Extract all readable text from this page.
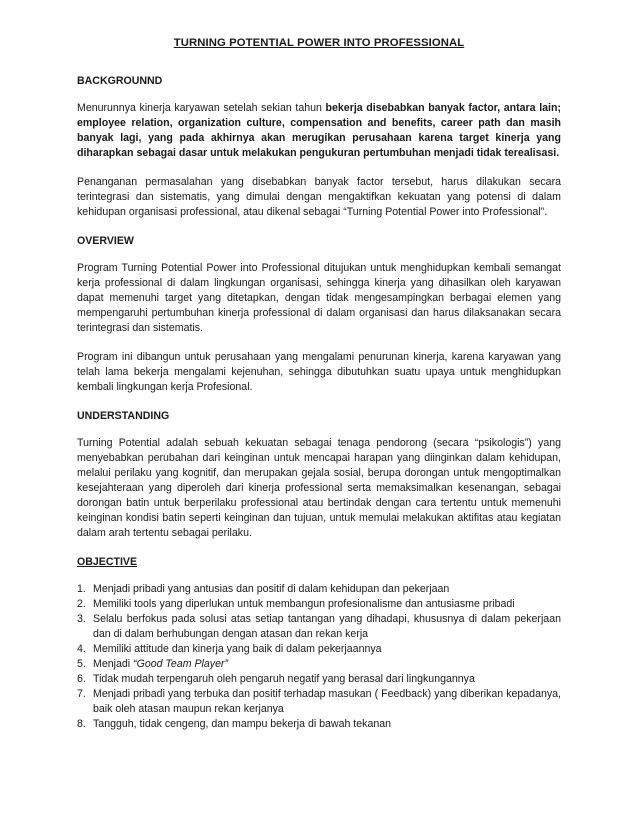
TURNING POTENTIAL POWER INTO PROFESSIONAL
BACKGROUNND

Menurunnya kinerja karyawan setelah sekian tahun bekerja disebabkan banyak factor, antara lain; employee relation, organization culture, compensation and benefits, career path dan masih banyak lagi, yang pada akhirnya akan merugikan perusahaan karena target kinerja yang diharapkan sebagai dasar untuk melakukan pengukuran pertumbuhan menjadi tidak terealisasi.

Penanganan permasalahan yang disebabkan banyak factor tersebut, harus dilakukan secara terintegrasi dan sistematis, yang dimulai dengan mengaktifkan kekuatan yang potensi di dalam kehidupan organisasi professional, atau dikenal sebagai “Turning Potential Power into Professional”.

OVERVIEW

Program Turning Potential Power into Professional ditujukan untuk menghidupkan kembali semangat kerja professional di dalam lingkungan organisasi, sehingga kinerja yang dihasilkan oleh karyawan dapat memenuhi target yang ditetapkan, dengan tidak mengesampingkan berbagai elemen yang mempengaruhi pertumbuhan kinerja professional di dalam organisasi dan harus dilaksanakan secara terintegrasi dan sistematis.

Program ini dibangun untuk perusahaan yang mengalami penurunan kinerja, karena karyawan yang telah lama bekerja mengalami kejenuhan, sehingga dibutuhkan suatu upaya untuk menghidupkan kembali lingkungan kerja Profesional.

UNDERSTANDING

Turning Potential adalah sebuah kekuatan sebagai tenaga pendorong (secara “psikologis”) yang menyebabkan perubahan dari keinginan untuk mencapai harapan yang diinginkan dalam kehidupan, melalui perilaku yang kognitif, dan merupakan gejala sosial, berupa dorongan untuk mengoptimalkan kesejahteraan yang diperoleh dari kinerja professional serta memaksimalkan kesenangan, sebagai dorongan batin untuk berperilaku professional atau bertindak dengan cara tertentu untuk memenuhi keinginan kondisi batin seperti keinginan dan tujuan, untuk memulai melakukan aktifitas atau kegiatan dalam arah tertentu sebagai perilaku.

OBJECTIVE
1. Menjadi pribadi yang antusias dan positif di dalam kehidupan dan pekerjaan
2. Memiliki tools yang diperlukan untuk membangun profesionalisme dan antusiasme pribadi
3. Selalu berfokus pada solusi atas setiap tantangan yang dihadapi, khususnya di dalam pekerjaan dan di dalam berhubungan dengan atasan dan rekan kerja
4. Memiliki attitude dan kinerja yang baik di dalam pekerjaannya
5. Menjadi “Good Team Player”
6. Tidak mudah terpengaruh oleh pengaruh negatif yang berasal dari lingkungannya
7. Menjadi pribadi yang terbuka dan positif terhadap masukan ( Feedback) yang diberikan kepadanya, baik oleh atasan maupun rekan kerjanya
8. Tangguh, tidak cengeng, dan mampu bekerja di bawah tekanan
